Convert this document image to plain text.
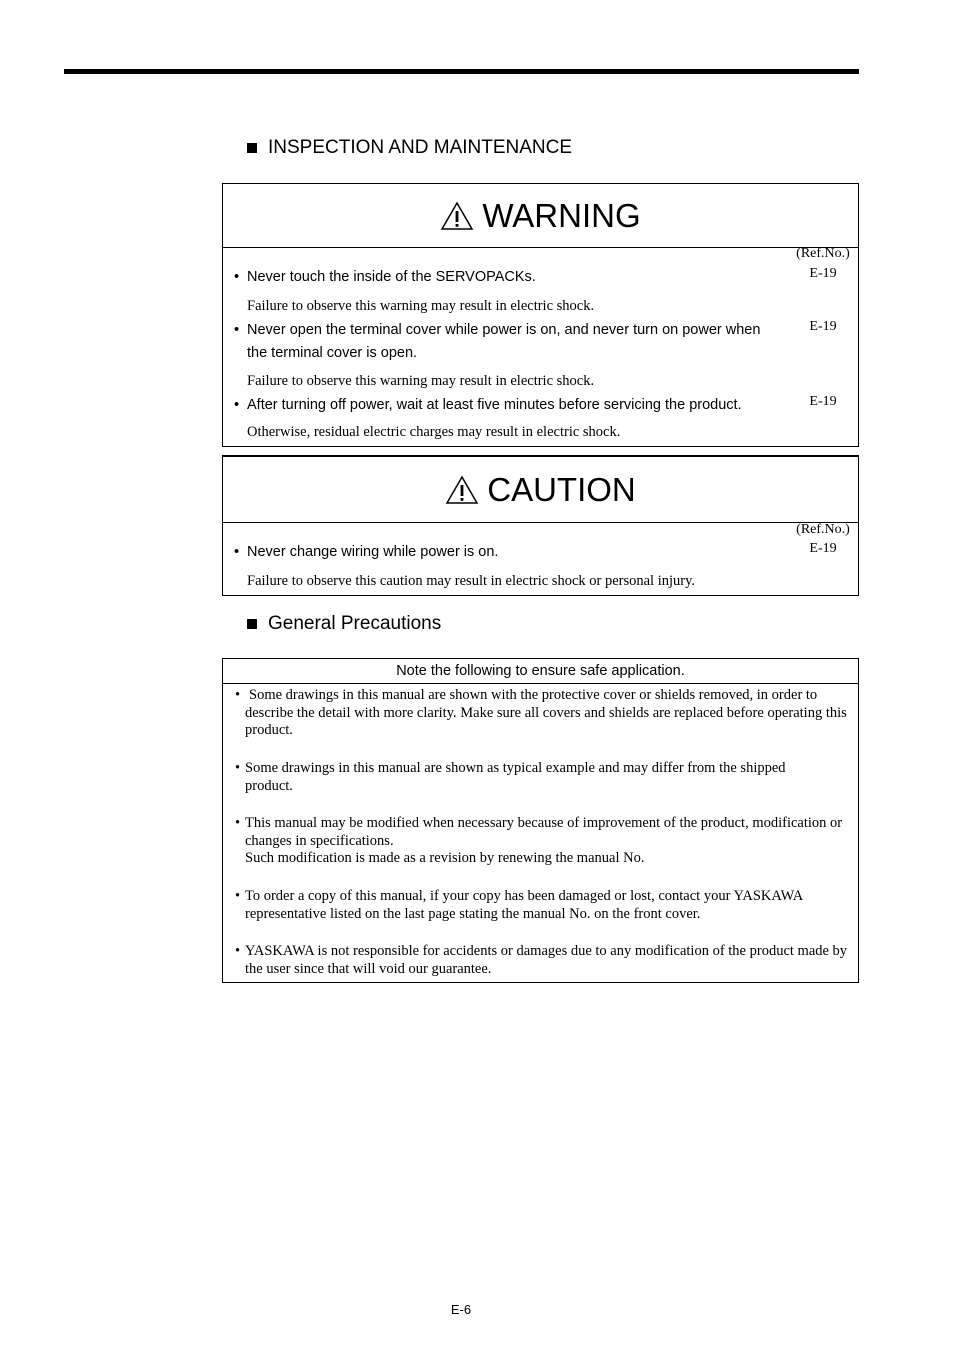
INSPECTION AND MAINTENANCE
WARNING
(Ref.No.)
• Never touch the inside of the SERVOPACKs.	E-19
Failure to observe this warning may result in electric shock.
• Never open the terminal cover while power is on, and never turn on power when the terminal cover is open.
E-19
Failure to observe this warning may result in electric shock.
• After turning off power, wait at least five minutes before servicing the product.	E-19
Otherwise, residual electric charges may result in electric shock.
CAUTION
(Ref.No.)
• Never change wiring while power is on.	E-19
Failure to observe this caution may result in electric shock or personal injury.
General Precautions
Note the following to ensure safe application.
• Some drawings in this manual are shown with the protective cover or shields removed, in order to describe the detail with more clarity. Make sure all covers and shields are replaced before operating this product.
• Some drawings in this manual are shown as typical example and may differ from the shipped product.
• This manual may be modified when necessary because of improvement of the product, modification or changes in specifications.
Such modification is made as a revision by renewing the manual No.
• To order a copy of this manual, if your copy has been damaged or lost, contact your YASKAWA representative listed on the last page stating the manual No. on the front cover.
• YASKAWA is not responsible for accidents or damages due to any modification of the product made by the user since that will void our guarantee.
E-6
